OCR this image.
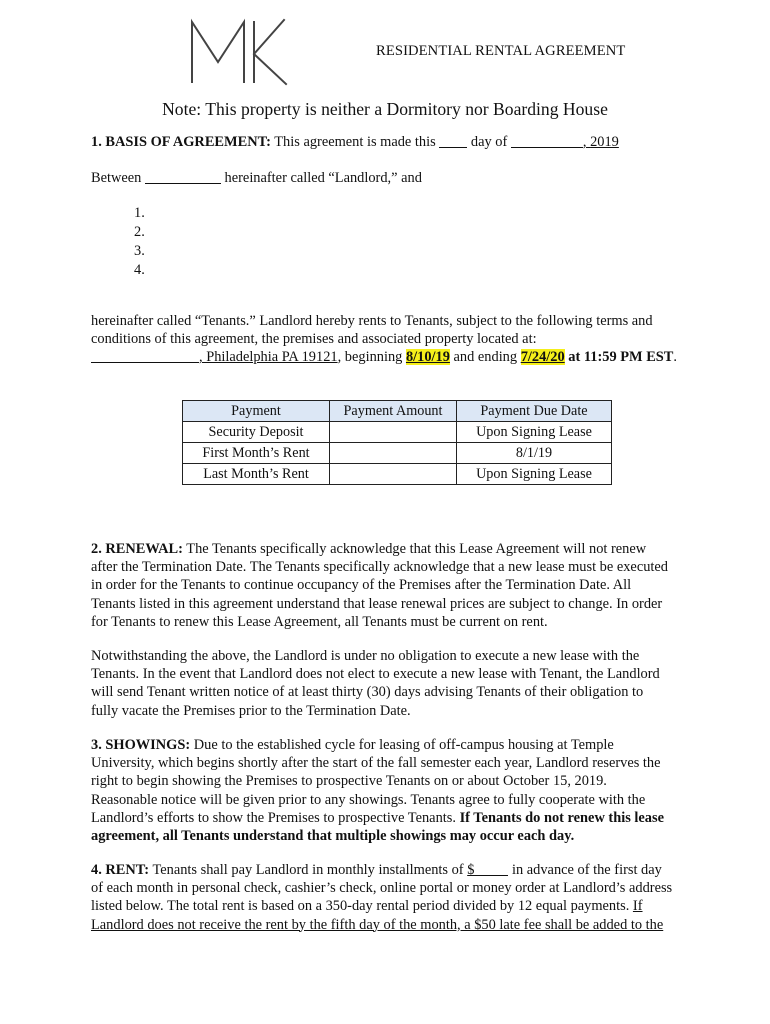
RESIDENTIAL RENTAL AGREEMENT
Note: This property is neither a Dormitory nor Boarding House
1. BASIS OF AGREEMENT: This agreement is made this  day of	, 2019
Between	hereinafter called “Landlord,” and
1.
2.
3.
4.
hereinafter called “Tenants.” Landlord hereby rents to Tenants, subject to the following terms and
conditions of this agreement, the premises and associated property located at:
, Philadelphia PA 19121, beginning 8/10/19 and ending 7/24/20 at 11:59 PM EST.
Payment	Payment Amount	Payment Due Date
Security Deposit		Upon Signing Lease
First Month’s Rent		8/1/19
Last Month’s Rent		Upon Signing Lease
2. RENEWAL: The Tenants specifically acknowledge that this Lease Agreement will not renew
after the Termination Date. The Tenants specifically acknowledge that a new lease must be executed
in order for the Tenants to continue occupancy of the Premises after the Termination Date. All
Tenants listed in this agreement understand that lease renewal prices are subject to change. In order
for Tenants to renew this Lease Agreement, all Tenants must be current on rent.
Notwithstanding the above, the Landlord is under no obligation to execute a new lease with the
Tenants. In the event that Landlord does not elect to execute a new lease with Tenant, the Landlord
will send Tenant written notice of at least thirty (30) days advising Tenants of their obligation to
fully vacate the Premises prior to the Termination Date.
3. SHOWINGS: Due to the established cycle for leasing of off-campus housing at Temple
University, which begins shortly after the start of the fall semester each year, Landlord reserves the
right to begin showing the Premises to prospective Tenants on or about October 15, 2019.
Reasonable notice will be given prior to any showings. Tenants agree to fully cooperate with the
Landlord’s efforts to show the Premises to prospective Tenants. If Tenants do not renew this lease
agreement, all Tenants understand that multiple showings may occur each day.
4. RENT: Tenants shall pay Landlord in monthly installments of $ in advance of the first day
of each month in personal check, cashier’s check, online portal or money order at Landlord’s address
listed below. The total rent is based on a 350-day rental period divided by 12 equal payments. If
Landlord does not receive the rent by the fifth day of the month, a $50 late fee shall be added to the
